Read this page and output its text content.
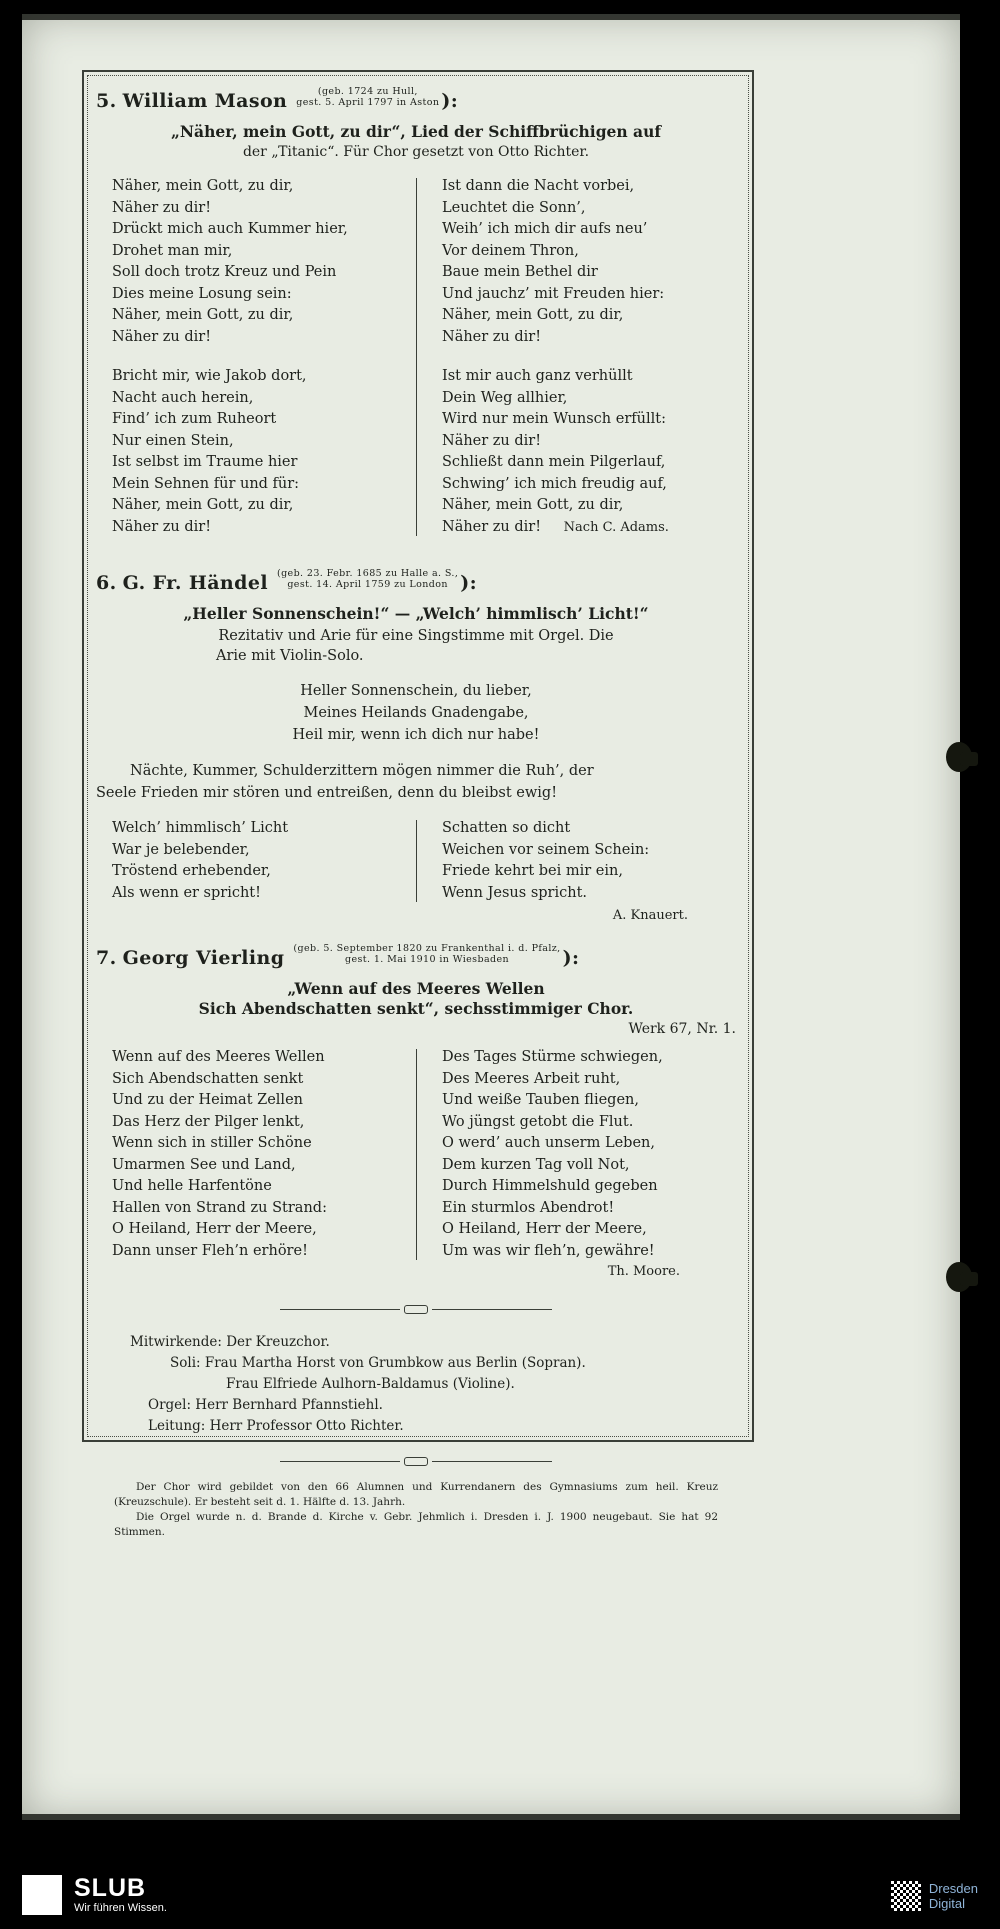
5. William Mason	(geb. 1724 zu Hull,
gest. 5. April 1797 in Aston ):
„Näher, mein Gott, zu dir“, Lied der Schiffbrüchigen auf
der „Titanic“. Für Chor gesetzt von Otto Richter.
Näher, mein Gott, zu dir,
Näher zu dir!
Drückt mich auch Kummer hier,
Drohet man mir,
Soll doch trotz Kreuz und Pein
Dies meine Losung sein:
Näher, mein Gott, zu dir,
Näher zu dir!
Bricht mir, wie Jakob dort,
Nacht auch herein,
Find’ ich zum Ruheort
Nur einen Stein,
Ist selbst im Traume hier
Mein Sehnen für und für:
Näher, mein Gott, zu dir,
Näher zu dir!
Ist dann die Nacht vorbei,
Leuchtet die Sonn’,
Weih’ ich mich dir aufs neu’
Vor deinem Thron,
Baue mein Bethel dir
Und jauchz’ mit Freuden hier:
Näher, mein Gott, zu dir,
Näher zu dir!
Ist mir auch ganz verhüllt
Dein Weg allhier,
Wird nur mein Wunsch erfüllt:
Näher zu dir!
Schließt dann mein Pilgerlauf,
Schwing’ ich mich freudig auf,
Näher, mein Gott, zu dir,
Näher zu dir! Nach C. Adams.
6. G. Fr. Händel (geb. 23. Febr. 1685 zu Halle a. S.,
gest. 14. April 1759 zu London ):
„Heller Sonnenschein!“ — „Welch’ himmlisch’ Licht!“
Rezitativ und Arie für eine Singstimme mit Orgel. Die
Arie mit Violin-Solo.
Heller Sonnenschein, du lieber,
Meines Heilands Gnadengabe,
Heil mir, wenn ich dich nur habe!
Nächte, Kummer, Schulderzittern mögen nimmer die Ruh’, der
Seele Frieden mir stören und entreißen, denn du bleibst ewig!
Welch’ himmlisch’ Licht
War je belebender,
Tröstend erhebender,
Als wenn er spricht!
Schatten so dicht
Weichen vor seinem Schein:
Friede kehrt bei mir ein,
Wenn Jesus spricht.
A. Knauert.
7. Georg Vierling (geb. 5. September 1820 zu Frankenthal i. d. Pfalz,
gest. 1. Mai 1910 in Wiesbaden	):
„Wenn auf des Meeres Wellen
Sich Abendschatten senkt“, sechsstimmiger Chor.
Werk 67, Nr. 1.
Wenn auf des Meeres Wellen
Sich Abendschatten senkt
Und zu der Heimat Zellen
Das Herz der Pilger lenkt,
Wenn sich in stiller Schöne
Umarmen See und Land,
Und helle Harfentöne
Hallen von Strand zu Strand:
O Heiland, Herr der Meere,
Dann unser Fleh’n erhöre!
Des Tages Stürme schwiegen,
Des Meeres Arbeit ruht,
Und weiße Tauben fliegen,
Wo jüngst getobt die Flut.
O werd’ auch unserm Leben,
Dem kurzen Tag voll Not,
Durch Himmelshuld gegeben
Ein sturmlos Abendrot!
O Heiland, Herr der Meere,
Um was wir fleh’n, gewähre!
Th. Moore.
Mitwirkende: Der Kreuzchor.
Soli: Frau Martha Horst von Grumbkow aus Berlin (Sopran).
Frau Elfriede Aulhorn-Baldamus (Violine).
Orgel: Herr Bernhard Pfannstiehl.
Leitung: Herr Professor Otto Richter.
Der Chor wird gebildet von den 66 Alumnen und Kurrendanern des Gymnasiums zum heil. Kreuz (Kreuzschule). Er besteht seit d. 1. Hälfte d. 13. Jahrh.
Die Orgel wurde n. d. Brande d. Kirche v. Gebr. Jehmlich i. Dresden i. J. 1900 neugebaut. Sie hat 92 Stimmen.
SLUB
Wir führen Wissen.
Dresden
Digital
